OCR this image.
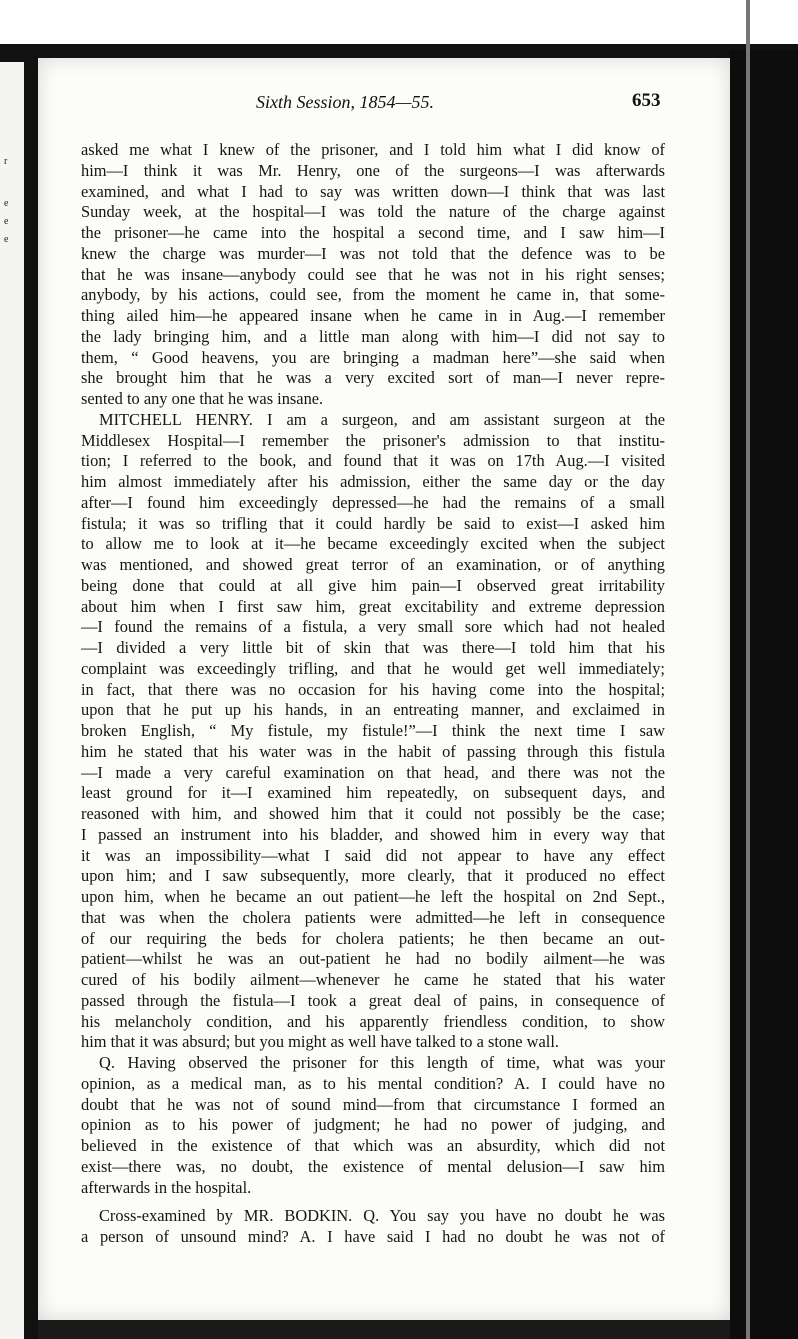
r
e
e
e
Sixth Session, 1854—55.	653
asked me what I knew of the prisoner, and I told him what I did know of
him—I think it was Mr. Henry, one of the surgeons—I was afterwards
examined, and what I had to say was written down—I think that was last
Sunday week, at the hospital—I was told the nature of the charge against
the prisoner—he came into the hospital a second time, and I saw him—I
knew the charge was murder—I was not told that the defence was to be
that he was insane—anybody could see that he was not in his right senses;
anybody, by his actions, could see, from the moment he came in, that some-
thing ailed him—he appeared insane when he came in in Aug.—I remember
the lady bringing him, and a little man along with him—I did not say to
them, “ Good heavens, you are bringing a madman here”—she said when
she brought him that he was a very excited sort of man—I never repre-
sented to any one that he was insane.
MITCHELL HENRY. I am a surgeon, and am assistant surgeon at the
Middlesex Hospital—I remember the prisoner's admission to that institu-
tion; I referred to the book, and found that it was on 17th Aug.—I visited
him almost immediately after his admission, either the same day or the day
after—I found him exceedingly depressed—he had the remains of a small
fistula; it was so trifling that it could hardly be said to exist—I asked him
to allow me to look at it—he became exceedingly excited when the subject
was mentioned, and showed great terror of an examination, or of anything
being done that could at all give him pain—I observed great irritability
about him when I first saw him, great excitability and extreme depression
—I found the remains of a fistula, a very small sore which had not healed
—I divided a very little bit of skin that was there—I told him that his
complaint was exceedingly trifling, and that he would get well immediately;
in fact, that there was no occasion for his having come into the hospital;
upon that he put up his hands, in an entreating manner, and exclaimed in
broken English, “ My fistule, my fistule!”—I think the next time I saw
him he stated that his water was in the habit of passing through this fistula
—I made a very careful examination on that head, and there was not the
least ground for it—I examined him repeatedly, on subsequent days, and
reasoned with him, and showed him that it could not possibly be the case;
I passed an instrument into his bladder, and showed him in every way that
it was an impossibility—what I said did not appear to have any effect
upon him; and I saw subsequently, more clearly, that it produced no effect
upon him, when he became an out patient—he left the hospital on 2nd Sept.,
that was when the cholera patients were admitted—he left in consequence
of our requiring the beds for cholera patients; he then became an out-
patient—whilst he was an out-patient he had no bodily ailment—he was
cured of his bodily ailment—whenever he came he stated that his water
passed through the fistula—I took a great deal of pains, in consequence of
his melancholy condition, and his apparently friendless condition, to show
him that it was absurd; but you might as well have talked to a stone wall.
Q. Having observed the prisoner for this length of time, what was your
opinion, as a medical man, as to his mental condition? A. I could have no
doubt that he was not of sound mind—from that circumstance I formed an
opinion as to his power of judgment; he had no power of judging, and
believed in the existence of that which was an absurdity, which did not
exist—there was, no doubt, the existence of mental delusion—I saw him
afterwards in the hospital.
Cross-examined by MR. BODKIN. Q. You say you have no doubt he was
a person of unsound mind? A. I have said I had no doubt he was not of
